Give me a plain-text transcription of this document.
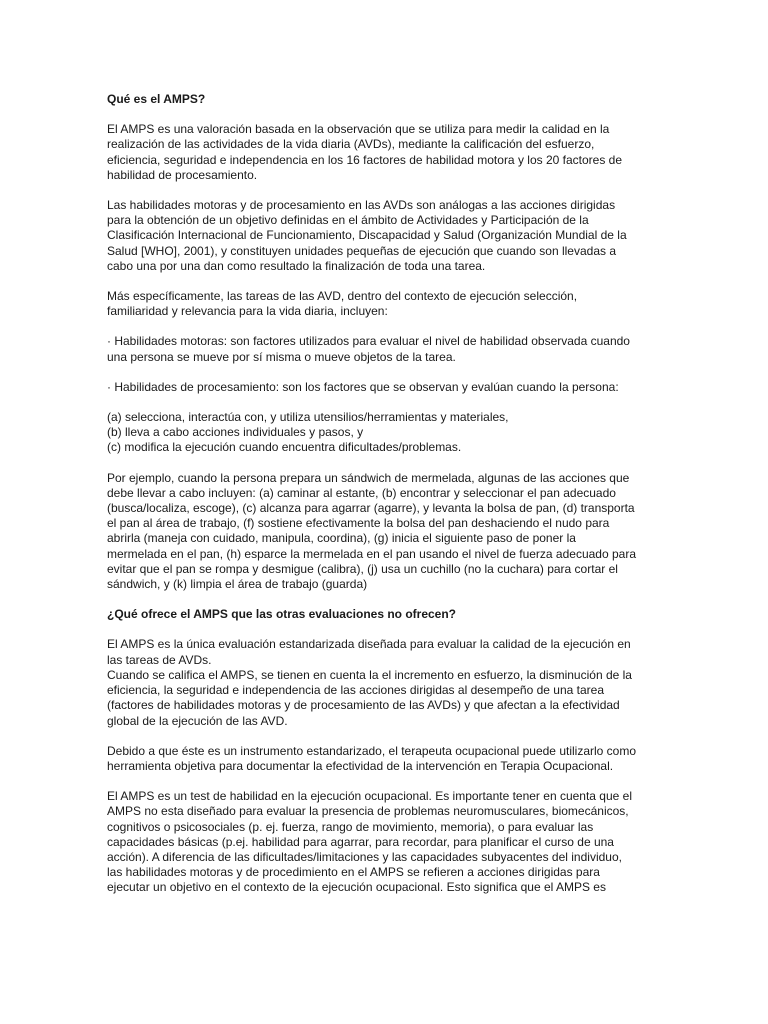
Qué es el AMPS?
El AMPS es una valoración basada en la observación que se utiliza para medir la calidad en la
realización de las actividades de la vida diaria (AVDs), mediante la calificación del esfuerzo,
eficiencia, seguridad e independencia en los 16 factores de habilidad motora y los 20 factores de
habilidad de procesamiento.
Las habilidades motoras y de procesamiento en las AVDs son análogas a las acciones dirigidas
para la obtención de un objetivo definidas en el ámbito de Actividades y Participación de la
Clasificación Internacional de Funcionamiento, Discapacidad y Salud (Organización Mundial de la
Salud [WHO], 2001), y constituyen unidades pequeñas de ejecución que cuando son llevadas a
cabo una por una dan como resultado la finalización de toda una tarea.
Más específicamente, las tareas de las AVD, dentro del contexto de ejecución selección,
familiaridad y relevancia para la vida diaria, incluyen:
· Habilidades motoras: son factores utilizados para evaluar el nivel de habilidad observada cuando
una persona se mueve por sí misma o mueve objetos de la tarea.
· Habilidades de procesamiento: son los factores que se observan y evalúan cuando la persona:
(a) selecciona, interactúa con, y utiliza utensilios/herramientas y materiales,
(b) lleva a cabo acciones individuales y pasos, y
(c) modifica la ejecución cuando encuentra dificultades/problemas.
Por ejemplo, cuando la persona prepara un sándwich de mermelada, algunas de las acciones que
debe llevar a cabo incluyen: (a) caminar al estante, (b) encontrar y seleccionar el pan adecuado
(busca/localiza, escoge), (c) alcanza para agarrar (agarre), y levanta la bolsa de pan, (d) transporta
el pan al área de trabajo, (f) sostiene efectivamente la bolsa del pan deshaciendo el nudo para
abrirla (maneja con cuidado, manipula, coordina), (g) inicia el siguiente paso de poner la
mermelada en el pan, (h) esparce la mermelada en el pan usando el nivel de fuerza adecuado para
evitar que el pan se rompa y desmigue (calibra), (j) usa un cuchillo (no la cuchara) para cortar el
sándwich, y (k) limpia el área de trabajo (guarda)
¿Qué ofrece el AMPS que las otras evaluaciones no ofrecen?
El AMPS es la única evaluación estandarizada diseñada para evaluar la calidad de la ejecución en
las tareas de AVDs.
Cuando se califica el AMPS, se tienen en cuenta la el incremento en esfuerzo, la disminución de la
eficiencia, la seguridad e independencia de las acciones dirigidas al desempeño de una tarea
(factores de habilidades motoras y de procesamiento de las AVDs) y que afectan a la efectividad
global de la ejecución de las AVD.
Debido a que éste es un instrumento estandarizado, el terapeuta ocupacional puede utilizarlo como
herramienta objetiva para documentar la efectividad de la intervención en Terapia Ocupacional.
El AMPS es un test de habilidad en la ejecución ocupacional. Es importante tener en cuenta que el
AMPS no esta diseñado para evaluar la presencia de problemas neuromusculares, biomecánicos,
cognitivos o psicosociales (p. ej. fuerza, rango de movimiento, memoria), o para evaluar las
capacidades básicas (p.ej. habilidad para agarrar, para recordar, para planificar el curso de una
acción). A diferencia de las dificultades/limitaciones y las capacidades subyacentes del individuo,
las habilidades motoras y de procedimiento en el AMPS se refieren a acciones dirigidas para
ejecutar un objetivo en el contexto de la ejecución ocupacional. Esto significa que el AMPS es
